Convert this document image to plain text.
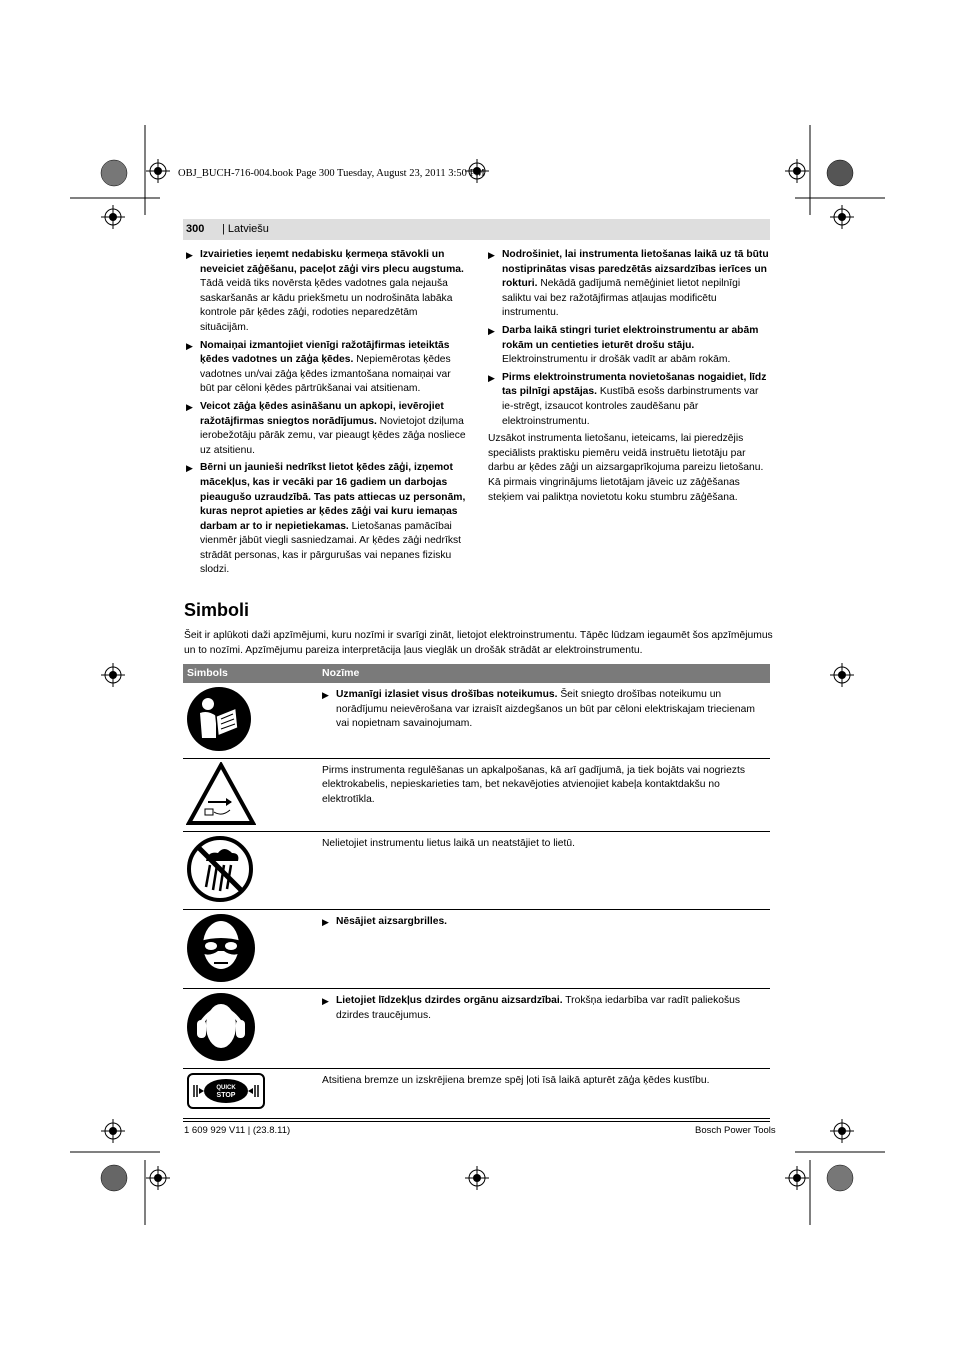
OBJ_BUCH-716-004.book Page 300 Tuesday, August 23, 2011 3:50 PM
300 | Latviešu
▶ Izvairieties ieņemt nedabisku ķermeņa stāvokli un neveiciet zāģēšanu, paceļot zāģi virs plecu augstuma. Tādā veidā tiks novērsta ķēdes vadotnes gala nejauša saskaršanās ar kādu priekšmetu un nodrošināta labāka kontrole pār ķēdes zāģi, rodoties neparedzētām situācijām.
▶ Nomaiņai izmantojiet vienīgi ražotājfirmas ieteiktās ķēdes vadotnes un zāģa ķēdes. Nepiemērotas ķēdes vadotnes un/vai zāģa ķēdes izmantošana nomaiņai var būt par cēloni ķēdes pārtrūkšanai vai atsitienam.
▶ Veicot zāģa ķēdes asināšanu un apkopi, ievērojiet ražotājfirmas sniegtos norādījumus. Novietojot dziļuma ierobežotāju pārāk zemu, var pieaugt ķēdes zāģa nosliece uz atsitienu.
▶ Bērni un jaunieši nedrīkst lietot ķēdes zāģi, izņemot mācekļus, kas ir vecāki par 16 gadiem un darbojas pieaugušo uzraudzībā. Tas pats attiecas uz personām, kuras neprot apieties ar ķēdes zāģi vai kuru iemaņas darbam ar to ir nepietiekamas. Lietošanas pamācībai vienmēr jābūt viegli sasniedzamai. Ar ķēdes zāģi nedrīkst strādāt personas, kas ir pārgurušas vai nepanes fizisku slodzi.
▶ Nodrošiniet, lai instrumenta lietošanas laikā uz tā būtu nostiprinātas visas paredzētās aizsardzības ierīces un rokturi. Nekādā gadījumā nemēģiniet lietot nepilnīgi saliktu vai bez ražotājfirmas atļaujas modificētu instrumentu.
▶ Darba laikā stingri turiet elektroinstrumentu ar abām rokām un centieties ieturēt drošu stāju. Elektroinstrumentu ir drošāk vadīt ar abām rokām.
▶ Pirms elektroinstrumenta novietošanas nogaidiet, līdz tas pilnīgi apstājas. Kustībā esošs darbinstruments var ie-strēgt, izsaucot kontroles zaudēšanu pār elektroinstrumentu.

Uzsākot instrumenta lietošanu, ieteicams, lai pieredzējis speciālists praktisku piemēru veidā instruētu lietotāju par darbu ar ķēdes zāģi un aizsargaprīkojuma pareizu lietošanu. Kā pirmais vingrinājums lietotājam jāveic uz zāģēšanas steķiem vai paliktņa novietotu koku stumbru zāģēšana.

Simboli
Šeit ir aplūkoti daži apzīmējumi, kuru nozīmi ir svarīgi zināt, lietojot elektroinstrumentu. Tāpēc lūdzam iegaumēt šos apzīmējumus un to nozīmi. Apzīmējumu pareiza interpretācija ļaus vieglāk un drošāk strādāt ar elektroinstrumentu.
Simbols	Nozīme

▶ Uzmanīgi izlasiet visus drošības noteikumus. Šeit sniegto drošības noteikumu un norādījumu neievērošana var izraisīt aizdegšanos un būt par cēloni elektriskajam triecienam vai nopietnam savainojumam.

Pirms instrumenta regulēšanas un apkalpošanas, kā arī gadījumā, ja tiek bojāts vai nogriezts elektrokabelis, nepieskarieties tam, bet nekavējoties atvienojiet kabeļa kontaktdakšu no elektrotīkla.

Nelietojiet instrumentu lietus laikā un neatstājiet to lietū.

▶ Nēsājiet aizsargbrilles.

▶ Lietojiet līdzekļus dzirdes orgānu aizsardzībai. Trokšņa iedarbība var radīt paliekošus dzirdes traucējumus.

QUICK
STOP	Atsitiena bremze un izskrējiena bremze spēj ļoti īsā laikā apturēt zāģa ķēdes kustību.
1 609 929 V11 | (23.8.11)	Bosch Power Tools
